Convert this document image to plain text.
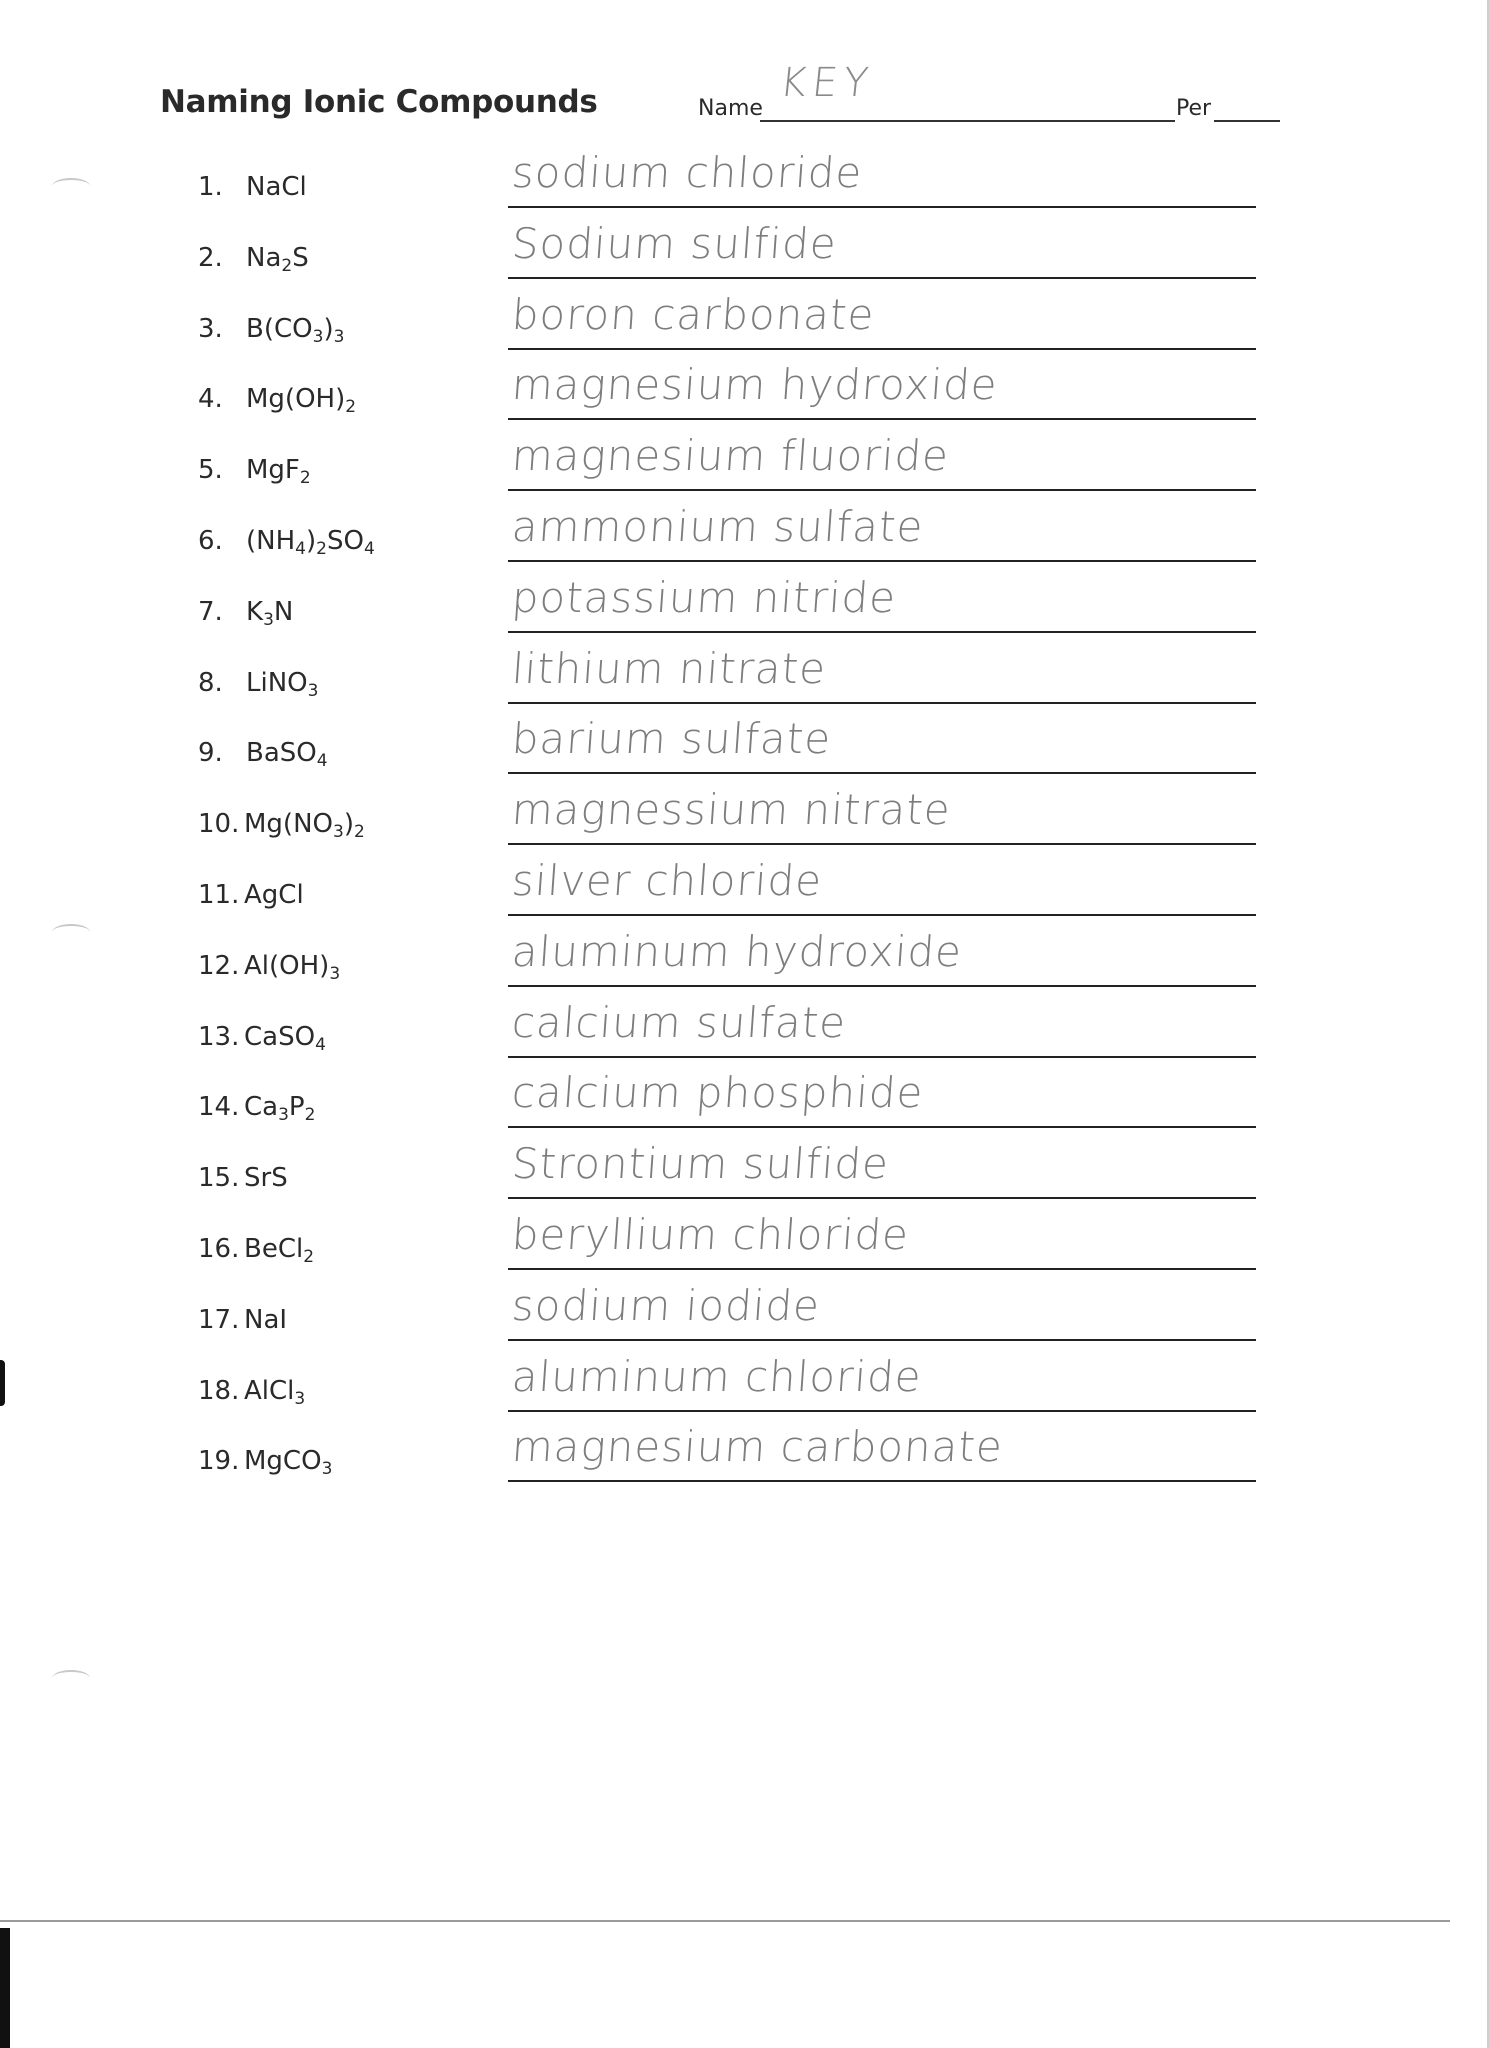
Naming Ionic Compounds	Name
KEY
Per
1. NaCl	sodium chloride
2. $Na_2S$	Sodium sulfide
3. $B(CO_3)_3$	boron carbonate
4. $Mg(OH)_2$	magnesium hydroxide
5. MgF$_2$	magnesium fluoride
6. $(NH_4)_2SO_4$	ammonium sulfate
7. $K_3N$	potassium nitride
8. LiNO$_3$	lithium nitrate
9. BaSO$_4$	barium sulfate
10. $Mg(NO_3)_2$	magnessium nitrate
11. AgCl	silver chloride
12. $Al(OH)_3$	aluminum hydroxide
13. CaSO$_4$	calcium sulfate
14. $Ca_3P_2$	calcium phosphide
15. SrS	Strontium sulfide
16. BeCl$_2$	beryllium chloride
17. NaI	sodium iodide
18. AlCl$_3$	aluminum chloride
19. MgCO$_3$	magnesium carbonate
